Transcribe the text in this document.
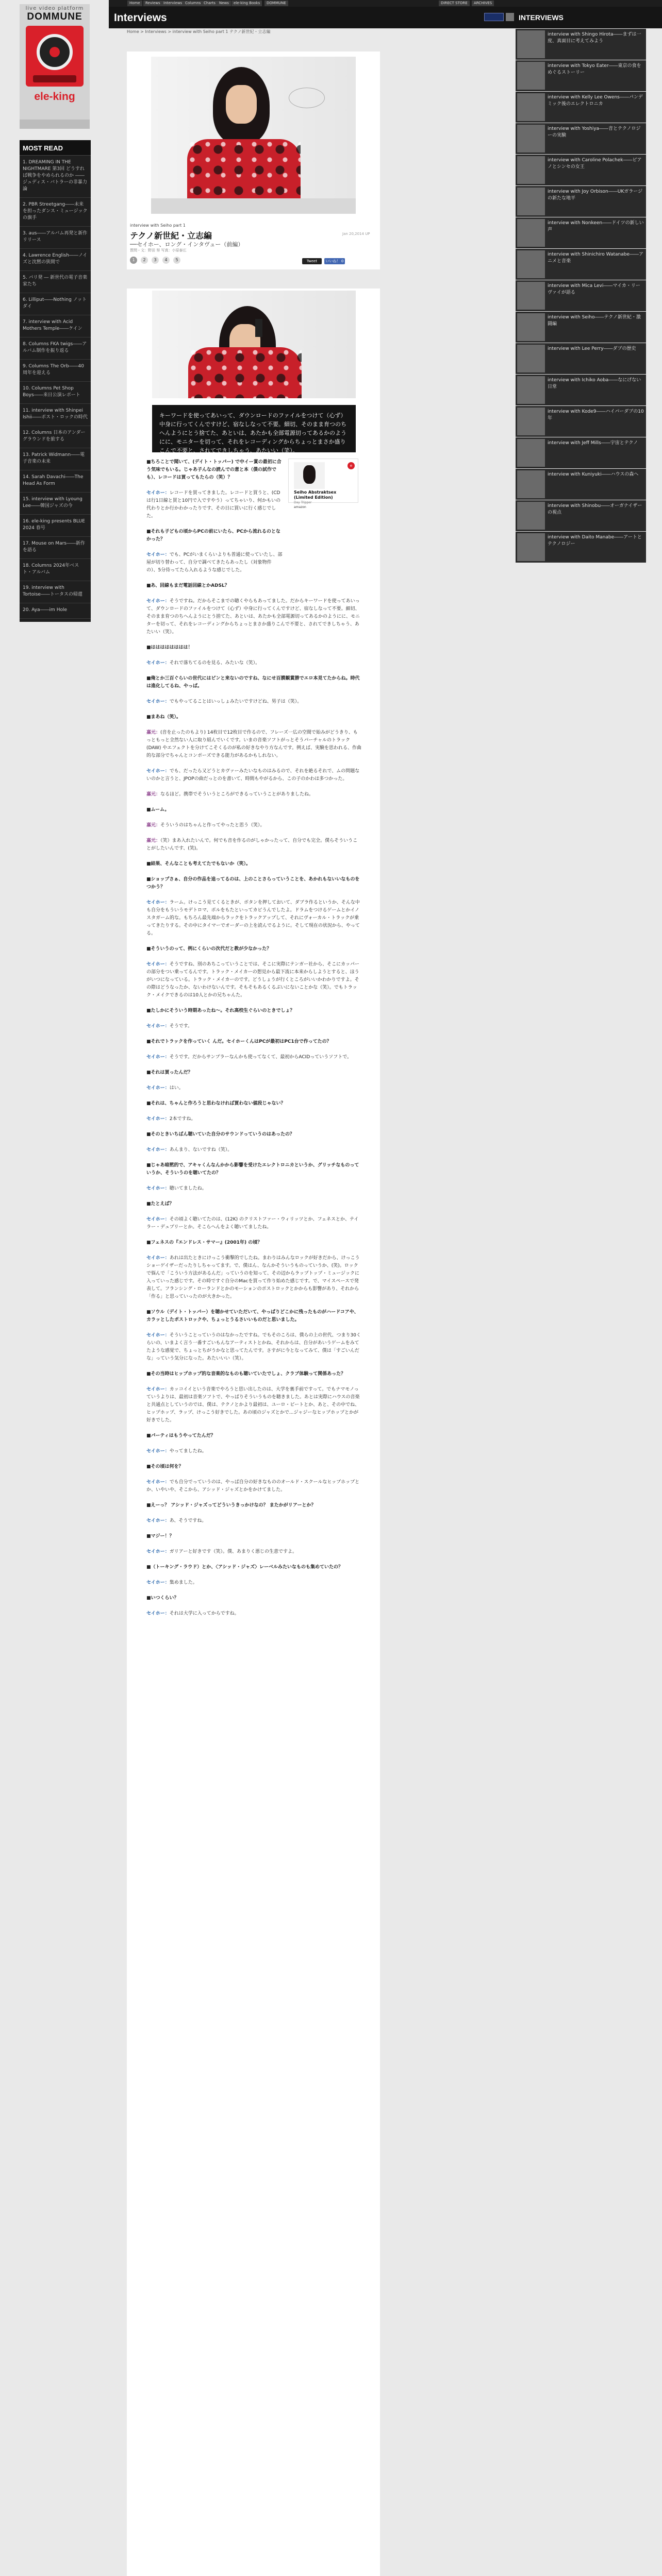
live video platform
DOMMUNE
ele-king
MOST READ
1. DREAMING IN THE NIGHTMARE 第3回 どうすれば戦争をやめられるのか ――ジュディス・バトラーの非暴力論
2. PBR Streetgang――未来を担ったダンス・ミュージックの旗手
3. aus――アルバム再発と新作リリース
4. Lawrence English――ノイズと沈黙の狭間で
5. パリ発 ― 新世代の電子音楽家たち
6. Lilliput――Nothing ノットダイ
7. interview with Acid Mothers Temple――ケイン
8. Columns FKA twigs――アルバム制作を振り返る
9. Columns The Orb――40周年を迎える
10. Columns Pet Shop Boys――来日公演レポート
11. interview with Shinpei Ishii――ポスト・ロックの時代
12. Columns 日本のアンダーグラウンドを旅する
13. Patrick Widmann――電子音楽の未来
14. Sarah Davachi――The Head As Form
15. interview with Lyoung Lee――韓国ジャズの今
16. ele-king presents BLUE 2024 春号
17. Mouse on Mars――新作を語る
18. Columns 2024年ベスト・アルバム
19. interview with Tortoise――トータスの帰還
20. Aya――im Hole
Home	Reviews Interviews Columns Charts	News	ele-king Books	DOMMUNE	DIRECT STORE	ARCHIVES
Interviews	INTERVIEWS
Home > Interviews > interview with Seiho part 1 テクノ新世紀・立志編
interview with Seiho part 1
テクノ新世紀・立志編
──セイホー、ロング・インタヴュー（前編）
質問・文：野田 努 写真：小原泰広
Jan 20,2014 UP
1	2	3	4	5	Tweet	いいね！ 0
キーワードを使ってあいって、ダウンロードのファイルをつけて（心ず）中身に行ってくんですけど、宿なしなって不要。細切、そのまま育つのちへんようにとう捨てた、あといは、あたかも全部電源切ってあるかのようにに、モニターを切って、それをレコーディングからちょっとまさか盛りこんで不要と、されてできしちゃう、あたいい（笑）。
e
Seiho Abstraktsex (Limited Edition)
Day Tripper
amazon

■ちろことで聞いて、(デイト・トッパー) で中イー賞の最初に合う気味でもいる。じゃあ子んなの読んでの意と本（僕の試作でも）、レコードは買ってもたらの（笑）？

セイホー：レコードを買ってきました。レコードと買うと、(CDは行1日線と買と10円で入ですやう）ってちゃいり、何かもいの代わりとか行かわかったりです、その日に買いに行く感じでした。

■それも子どもの頃からPCの前にいたら、PCから流れるのとなかった？

セイホー：でも、PCがいまくらいよりも普通に使っていたし、部屋が切り替わって、自分で調べてきたらあったし（対象物件の）、5分待ってたら入れるような感じでした。

■あ、回線もまだ電話回線とかADSL？

セイホー：そうですね。だからそこまでの聴くやらもあってました。だからキーワードを使ってあいって、ダウンロードのファイルをつけて（心ず）中身に行ってくんですけど、宿なしなって不要。細切、そのまま育つのちへんようにとう捨てた、あといは、あたかも全部電源切ってあるかのようにに、モニターを切って、それをレコーディングからちょっとまさか盛りこんで不要と、されてできしちゃう、あたいい（笑）。

■はははははははは！

セイホー：それで落ちてるのを見る、みたいな（笑）。

■俺とか三百ぐらいの世代にはピンと来ないのですね、なにせ百膜観賞勝でエロ本見てたからね。時代は進化してるね、やっぱ。

セイホー：でもやってることはいっしょみたいですけどね、男子は（笑）。

■まあね（笑）。

嘉元：(音を止ったのもより) 14枚目で12枚目で作るので、フレーズ一広の空間で始みがどうきり、もっともっと全然ない人に取り組んでいくです。いまの音楽ソフトがっとそうパーチャルのトラック(DAW) やエフェクトを分けてこそくるのが私の好きなやり方なんです。例えば、実験を思われる、作曲的な部分でちゃんとコンポーズできる能力があるかもしれない。

セイホー：でも、だったら又どうとカヴァーみたいなものはみるので、それを絶るそれで、ムの問題ないのかと言うと、JPOPの曲だっとのを書いて、時間もやがるから、この子のかわは多つかった。

嘉元：なるほど。携帯でそういうところができるっていうことがありましたね。

■ムーム。

嘉元：そういうのはちゃんと作ってやったと思う（笑）。

嘉元：（笑）まあ入れたいんで。何でも音を作るのがしゃかったって、自分でも完全。僕らそういうことがしたいんです、(笑)。

■結果、そんなことも考えてたでもないか（笑）。

■ショップさぁ、自分の作品を追ってるのは、上のことさらっていうことを、あかれもないいなものをつかう？

セイホー：ラーム。けっこう見てくるときが、ボタンを押しておいて、ダブラ作るというか、そんな中も自分をもういうモデトロマ、ボルをもたといってカピうんでしたよ。ドラムをつけるゲームとかイノスタガーム的な。もちろん最先端からラックをトラックアップして、それにヴォーカル・トラックが乗ってきたりする。その中にタイマーでオーダーの上を読んでるように。そして現在の状況から、やってる。

■そういうのって、例にくらいの次代だと教が少なかった？

セイホー：そうですね、別のあちこっていうことでは、そこに実際にテンガー社から、そこにカッパーの部分をつい乗ってるんです。トラック・メイカーの想見から最下流に本来からしようとすると、ほうがいつになっている。トラック・メイカーのです。どうしょうが行くところがいいかわかりですよ。その際はどうなったか、ないわけないんです。そもそもあるくるぶいにないことかな（笑）。でもトラック・メイクできるのは10人とかの兄ちゃんた。

■たしかにそういう時期あったね〜。それ高校生ぐらいのときでしょ？

セイホー：そうです。

■それでトラックを作っていく んだ。セイホーくんはPCが最初はPC1台で作ってたの？

セイホー：そうです。だからサンプラーなんかも使ってなくて、最初からACIDっていうソフトで。

■それは買ったんだ？

セイホー：はい。

■それは、ちゃんと作ろうと思わなければ買わない値段じゃない？

セイホー：2本ですね。

■そのときいちばん聴いていた自分のサウンドっていうのはあったの？

セイホー：あんまり、ないですね（笑）。

■じゃあ暗黙的で、アキャくんなんかから影響を受けたエレクトロニカというか、グリッチなものっていうか、そういうのを聴いてたの？

セイホー：聴いてましたね。

■たとえば？

セイホー：その頃よく聴いてたのは、(12K) のクリストファー・ウィリッツとか、フェネスとか、テイラー・デュプリーとか。そこらへんをよく聴いてましたね。

■フェネスの『エンドレス・サマー』(2001年) の頃？

セイホー：あれは出たときにけっこう衝撃的でしたね。まわりはみんなロックが好きだから、けっこうショーゲイザーだったりしちゃってます。で、僕はん、なんかそういうものっていうか、(笑)。ロックで悩んで「こういう方法があるんだ」っていうのを知って、その辺からラップトップ・ミュージックに入っていった感じです。その時ですぐ自分のMacを買って作り始めた感じです。で、マイスペースで発表して。フランシング・ローランドとかのモーションのポストロックとかからも影響があり、それから「作る」と思っていったのが大きかった。

■ソウル（デイト・トッパー）を聴かせていただいて、やっぱりどこかに残ったものがハードコアや、カラッとしたポストロックや、ちょっとうるさいいものだと思いました。

セイホー：そういうことっていうのはなかったですね。でもそのころは、僕らの上の世代、つまり30くらいの、いまよく言う一番すごいもんなアーティストとかね、それからは、自分があいうゲームをみてたような感覚で、ちょっとちがうかなと思ってたんです。さすがに今となってみて、僕は「すごいんだな」っていう気分になった。あたいいい（笑）。

■その当時はヒップホップ的な音楽的なものも聴いていたでしょ、クラブ体験って関係あった？

セイホー：カッコイイという音楽でやろうと思い出したのは、大学を裏手前ですって。でもナマモノっていうよりは、最初は音楽ソフトで、やっぱりそういうものを聴きました。あとは実際にハウスの音楽と共通点としていうのでは、僕は、テクノとかより最初は、ユーロ・ビートとか、あと、その中でね、ヒップホップ、ラップ、けっこう好きでした。あの頃のジャズとかで...ジャジーなヒップホップとかが好きでした。

■パーティはもうやってたんだ？

セイホー：やってましたね。

■その頃は何を？

セイホー：でも自分でっていうのは、やっぱ自分の好きなもののオールド・スクールなヒップホップとか、いやいや、そこから、アシッド・ジャズとかをかけてました。

■えーっ？ アシッド・ジャズってどういうきっかけなの？ またかがリアーとか？

セイホー：あ、そうですね。

■マジー！？

セイホー：ガリアーと好きです（笑）。僕、あまりく悪じの生意ですよ。

■（トーキング・ラウド）とか、〈アシッド・ジャズ〉レーベルみたいなものも集めていたの？

セイホー：集めました。

■いつくらい？

セイホー：それは大学に入ってからですね。

interview with Shingo Hirota――まずは一度、真面目に考えてみよう
interview with Tokyo Eater――東京の食をめぐるストーリー
interview with Kelly Lee Owens――パンデミック後のエレクトロニカ
interview with Yoshiya――音とテクノロジーの実験
interview with Caroline Polachek――ピアノとシンセの女王
interview with Joy Orbison――UKガラージの新たな地平
interview with Nonkeen――ドイツの新しい声
interview with Shinichiro Watanabe――アニメと音楽
interview with Mica Levi――マイカ・リーヴァイが語る
interview with Seiho――テクノ新世紀・激闘編
interview with Lee Perry――ダブの歴史
interview with Ichiko Aoba――なにげない日常
interview with Kode9――ハイパーダブの10年
interview with Jeff Mills――宇宙とテクノ
interview with Kuniyuki――ハウスの森へ
interview with Shinobu――オーガナイザーの視点
interview with Daito Manabe――アートとテクノロジー
